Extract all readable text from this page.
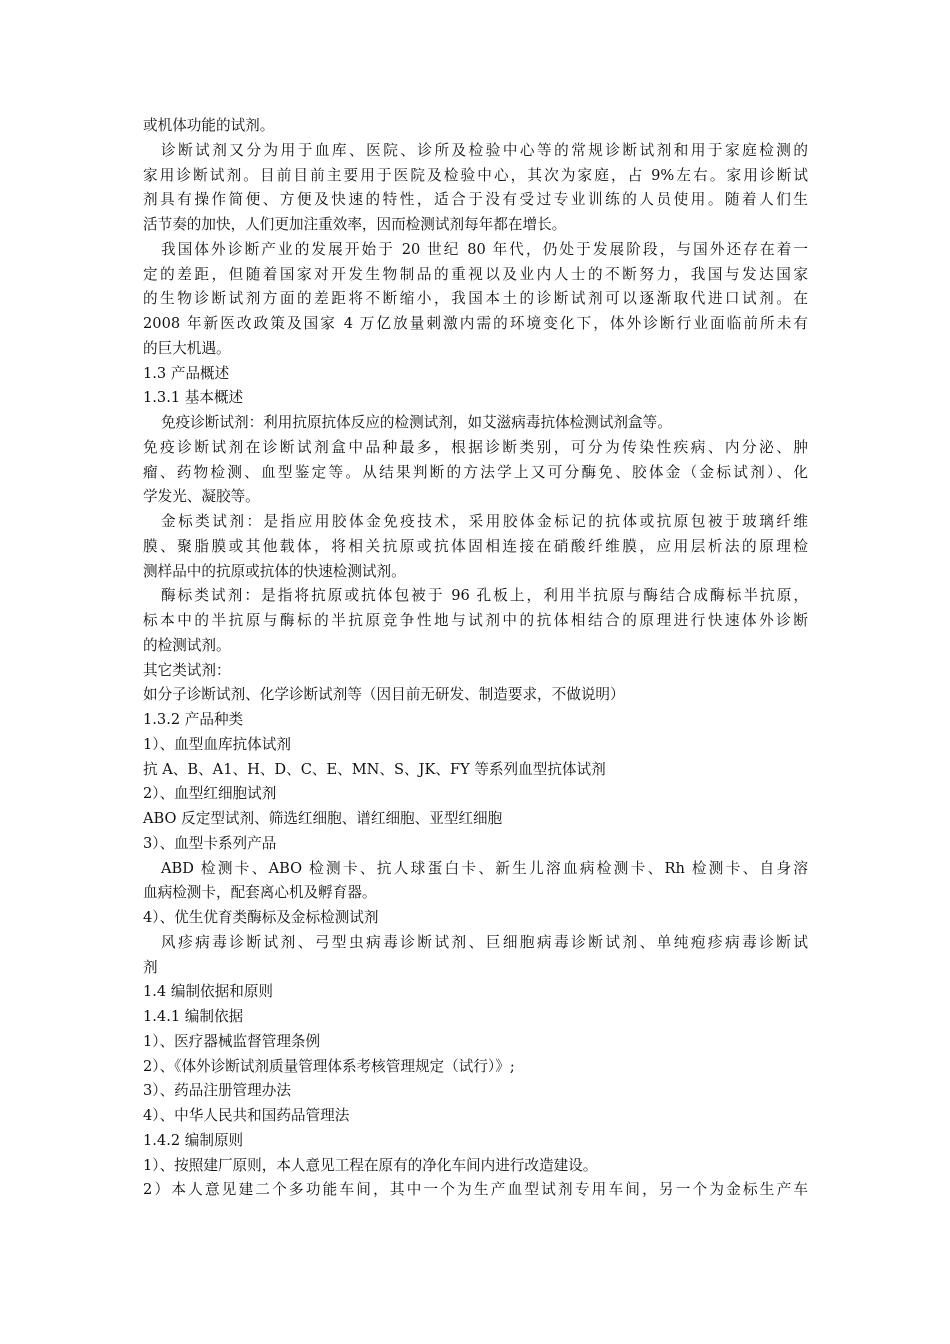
或机体功能的试剂。
诊断试剂又分为用于血库、医院、诊所及检验中心等的常规诊断试剂和用于家庭检测的
家用诊断试剂。目前目前主要用于医院及检验中心，其次为家庭，占 9%左右。家用诊断试
剂具有操作简便、方便及快速的特性，适合于没有受过专业训练的人员使用。随着人们生
活节奏的加快，人们更加注重效率，因而检测试剂每年都在增长。
我国体外诊断产业的发展开始于 20 世纪 80 年代，仍处于发展阶段，与国外还存在着一
定的差距，但随着国家对开发生物制品的重视以及业内人士的不断努力，我国与发达国家
的生物诊断试剂方面的差距将不断缩小，我国本土的诊断试剂可以逐渐取代进口试剂。在
2008 年新医改政策及国家 4 万亿放量刺激内需的环境变化下，体外诊断行业面临前所未有
的巨大机遇。
1.3 产品概述
1.3.1 基本概述
免疫诊断试剂：利用抗原抗体反应的检测试剂，如艾滋病毒抗体检测试剂盒等。
免疫诊断试剂在诊断试剂盒中品种最多，根据诊断类别，可分为传染性疾病、内分泌、肿
瘤、药物检测、血型鉴定等。从结果判断的方法学上又可分酶免、胶体金（金标试剂）、化
学发光、凝胶等。
金标类试剂：是指应用胶体金免疫技术，采用胶体金标记的抗体或抗原包被于玻璃纤维
膜、聚脂膜或其他载体，将相关抗原或抗体固相连接在硝酸纤维膜，应用层析法的原理检
测样品中的抗原或抗体的快速检测试剂。
酶标类试剂：是指将抗原或抗体包被于 96 孔板上，利用半抗原与酶结合成酶标半抗原，
标本中的半抗原与酶标的半抗原竞争性地与试剂中的抗体相结合的原理进行快速体外诊断
的检测试剂。
其它类试剂：
如分子诊断试剂、化学诊断试剂等（因目前无研发、制造要求，不做说明）
1.3.2 产品种类
1）、血型血库抗体试剂
抗 A、B、A1、H、D、C、E、MN、S、JK、FY 等系列血型抗体试剂
2）、血型红细胞试剂
ABO 反定型试剂、筛选红细胞、谱红细胞、亚型红细胞
3）、血型卡系列产品
ABD 检测卡、ABO 检测卡、抗人球蛋白卡、新生儿溶血病检测卡、Rh 检测卡、自身溶
血病检测卡，配套离心机及孵育器。
4）、优生优育类酶标及金标检测试剂
风疹病毒诊断试剂、弓型虫病毒诊断试剂、巨细胞病毒诊断试剂、单纯疱疹病毒诊断试
剂
1.4 编制依据和原则
1.4.1 编制依据
1）、医疗器械监督管理条例
2）、《体外诊断试剂质量管理体系考核管理规定（试行）》;
3）、药品注册管理办法
4）、中华人民共和国药品管理法
1.4.2 编制原则
1）、按照建厂原则，本人意见工程在原有的净化车间内进行改造建设。
2）本人意见建二个多功能车间，其中一个为生产血型试剂专用车间，另一个为金标生产车
